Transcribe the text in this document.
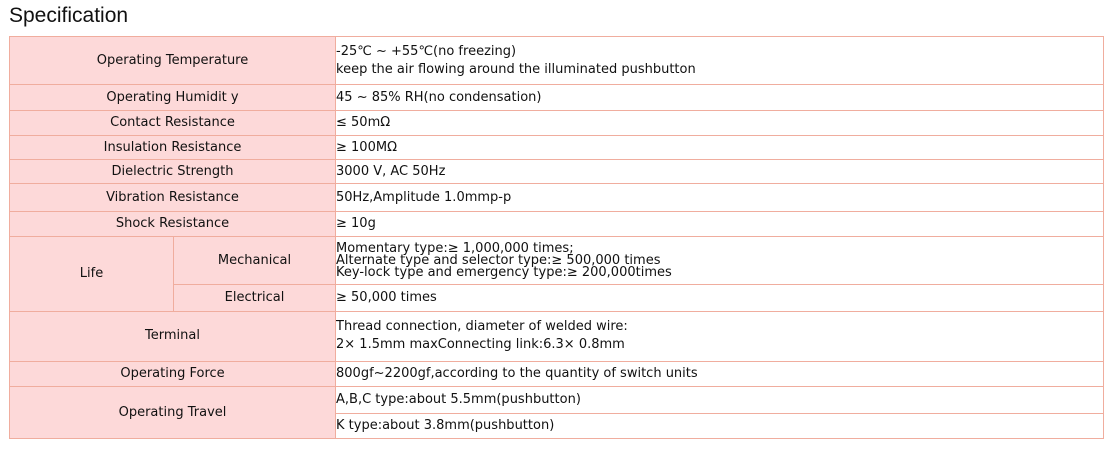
Specification
Operating Temperature		-25℃ ~ +55℃(no freezing)
keep the air flowing around the illuminated pushbutton

Operating Humidit y		45 ~ 85% RH(no condensation)
Contact Resistance		≤ 50mΩ
Insulation Resistance		≥ 100MΩ
Dielectric Strength		3000 V, AC 50Hz
Vibration Resistance		50Hz,Amplitude 1.0mmp-p
Shock Resistance		≥ 10g
Life	Mechanical	Momentary type:≥ 1,000,000 times;
Alternate type and selector type:≥ 500,000 times
Key-lock type and emergency type:≥ 200,000times

	Electrical	≥ 50,000 times
Terminal		Thread connection, diameter of welded wire:
2× 1.5mm maxConnecting link:6.3× 0.8mm

Operating Force		800gf~2200gf,according to the quantity of switch units
Operating Travel		A,B,C type:about 5.5mm(pushbutton)
		K type:about 3.8mm(pushbutton)
